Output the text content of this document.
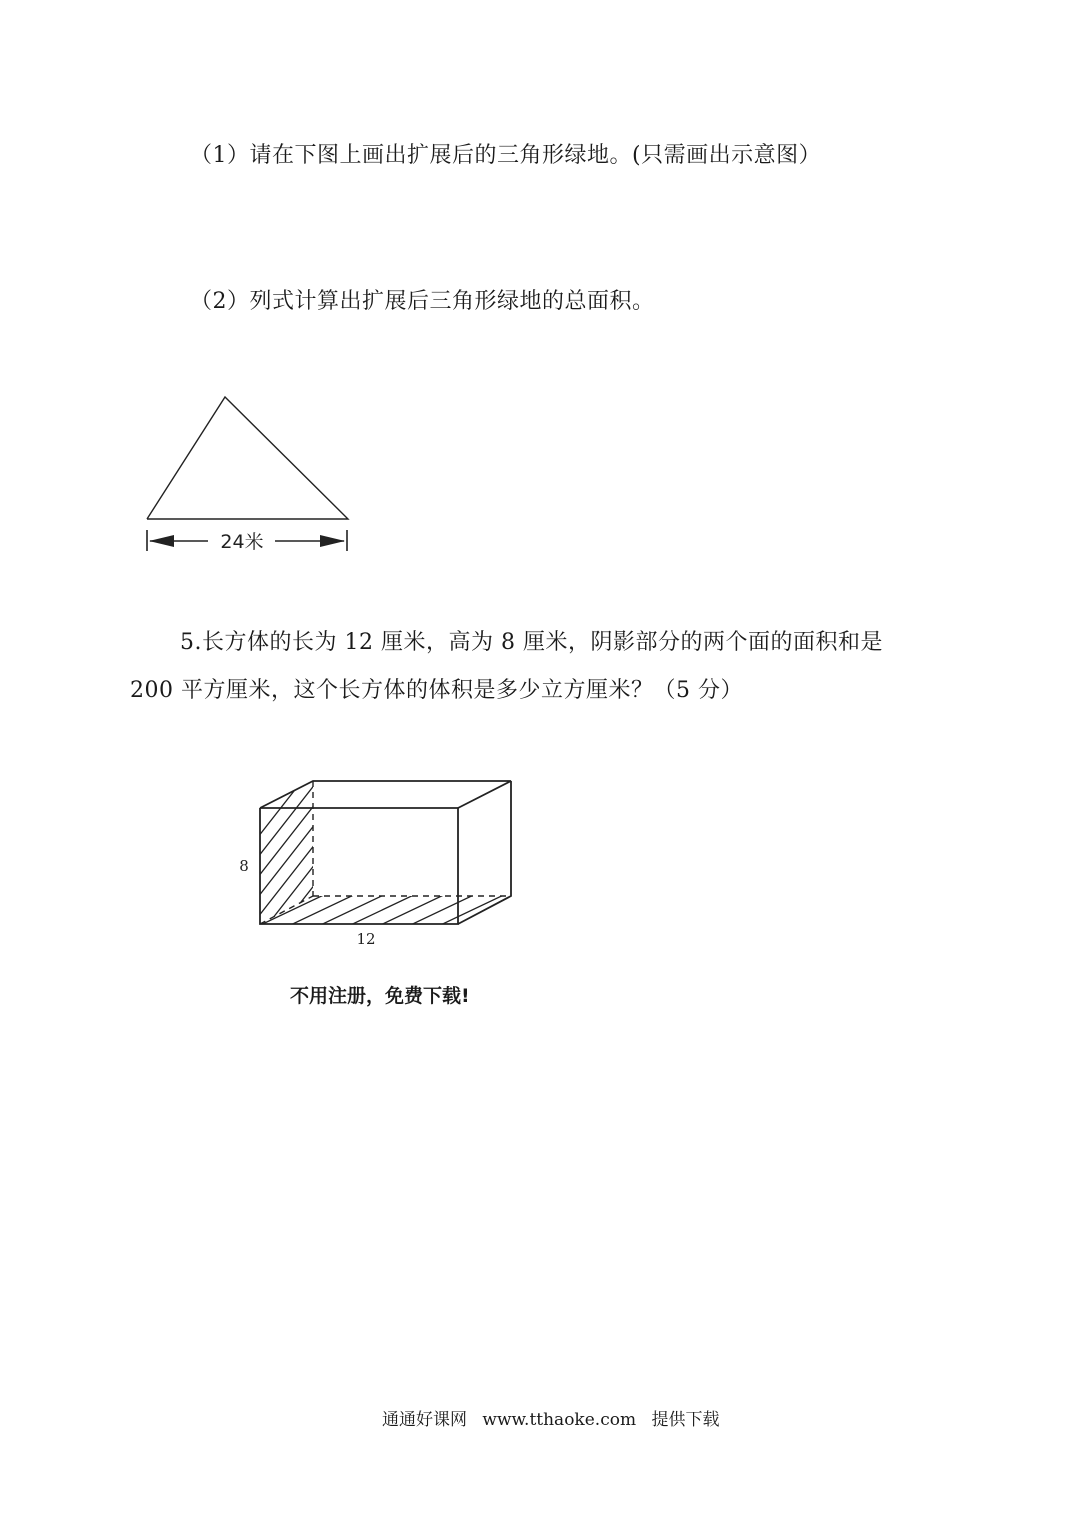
（1）请在下图上画出扩展后的三角形绿地。(只需画出示意图）
（2）列式计算出扩展后三角形绿地的总面积。
24米
5.长方体的长为 12 厘米，高为 8 厘米，阴影部分的两个面的面积和是
200 平方厘米，这个长方体的体积是多少立方厘米？（5 分）
8
12
不用注册，免费下载!
通通好课网 www.tthaoke.com 提供下载
